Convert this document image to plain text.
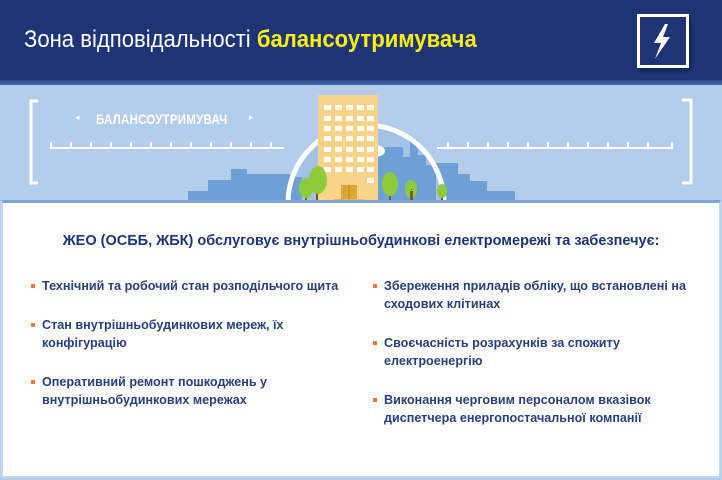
Зона відповідальності балансоутримувача
◂ БАЛАНСОУТРИМУВАЧ ▸
ЖЕО (ОСББ, ЖБК) обслуговує внутрішньобудинкові електромережі та забезпечує:
Технічний та робочий стан розподільчого щита
Стан внутрішньобудинкових мереж, їх конфігурацію
Оперативний ремонт пошкоджень у внутрішньобудинкових мережах
Збереження приладів обліку, що встановлені на сходових клітинах
Своєчасність розрахунків за спожиту електроенергію
Виконання черговим персоналом вказівок диспетчера енергопостачальної компанії
